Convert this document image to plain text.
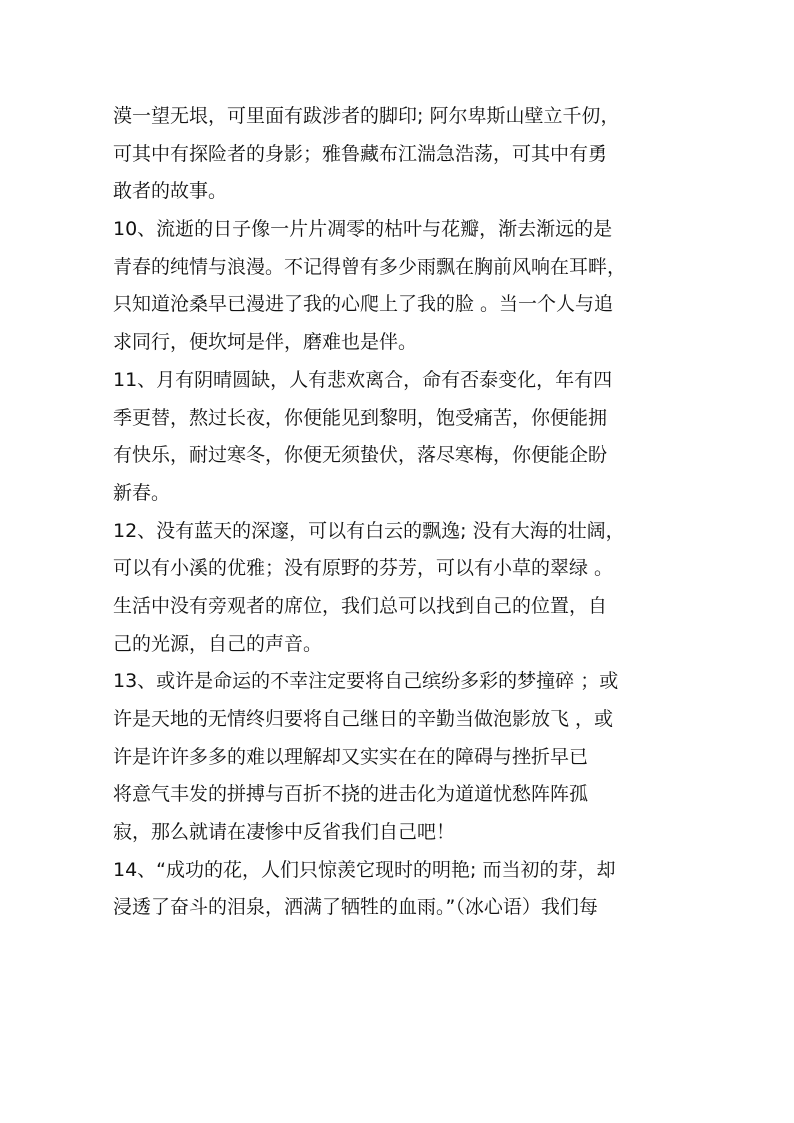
漠一望无垠，可里面有跋涉者的脚印; 阿尔卑斯山壁立千仞，
可其中有探险者的身影；雅鲁藏布江湍急浩荡，可其中有勇
敢者的故事。
10、流逝的日子像一片片凋零的枯叶与花瓣，渐去渐远的是
青春的纯情与浪漫。不记得曾有多少雨飘在胸前风响在耳畔，
只知道沧桑早已漫进了我的心爬上了我的脸 。当一个人与追
求同行，便坎坷是伴，磨难也是伴。
11、月有阴晴圆缺，人有悲欢离合，命有否泰变化，年有四
季更替，熬过长夜，你便能见到黎明，饱受痛苦，你便能拥
有快乐，耐过寒冬，你便无须蛰伏，落尽寒梅，你便能企盼
新春。
12、没有蓝天的深邃，可以有白云的飘逸; 没有大海的壮阔，
可以有小溪的优雅；没有原野的芬芳，可以有小草的翠绿 。
生活中没有旁观者的席位，我们总可以找到自己的位置，自
己的光源，自己的声音。
13、或许是命运的不幸注定要将自己缤纷多彩的梦撞碎 ；或
许是天地的无情终归要将自己继日的辛勤当做泡影放飞 ，或
许是许许多多的难以理解却又实实在在的障碍与挫折早已
将意气丰发的拼搏与百折不挠的进击化为道道忧愁阵阵孤
寂，那么就请在凄惨中反省我们自己吧！
14、“成功的花，人们只惊羡它现时的明艳; 而当初的芽，却
浸透了奋斗的泪泉，洒满了牺牲的血雨。”（冰心语）我们每
